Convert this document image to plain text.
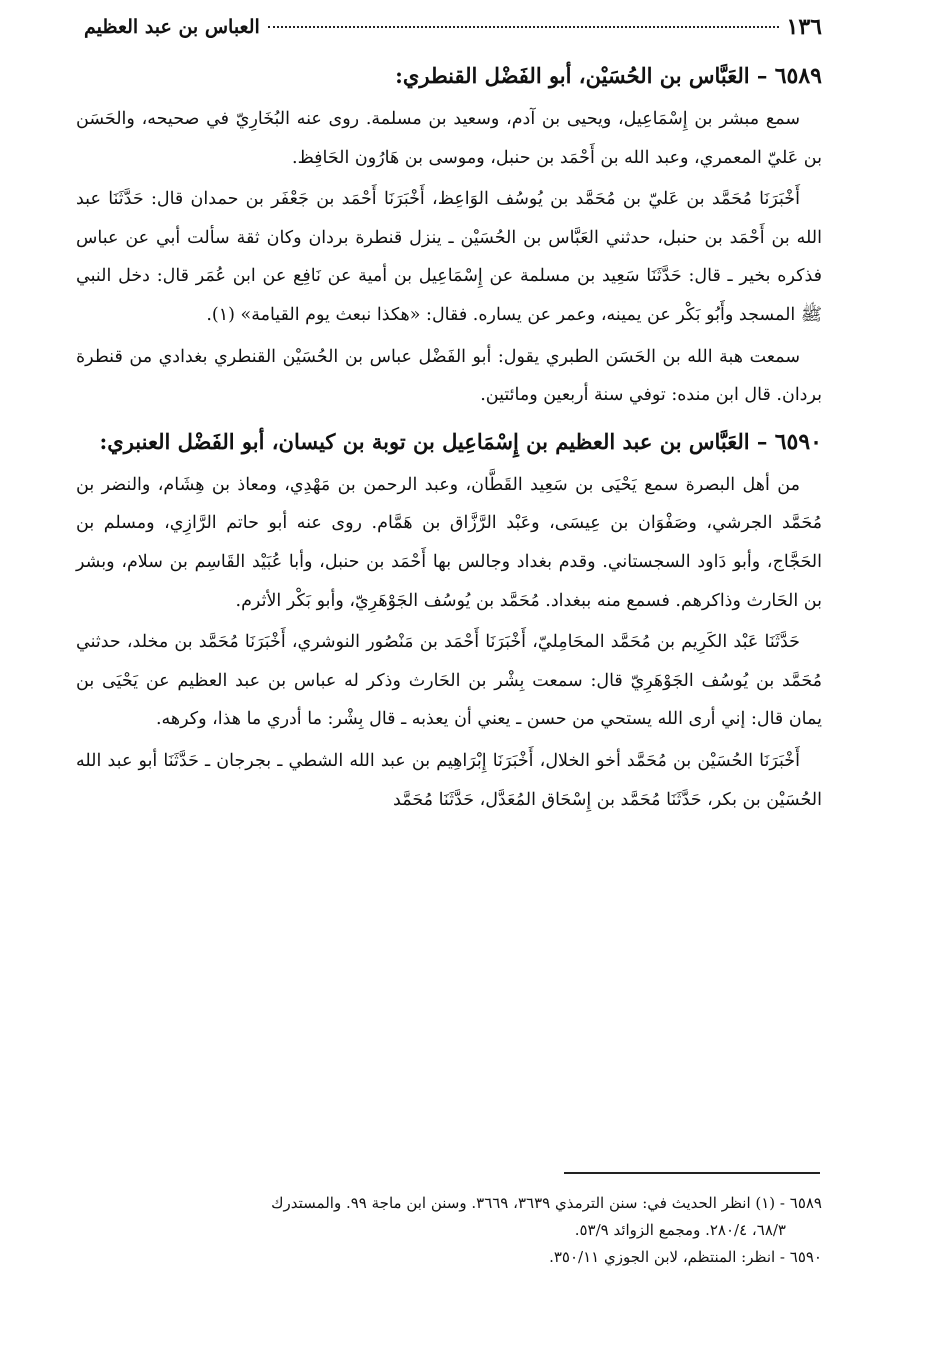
١٣٦
العباس بن عبد العظيم

٦٥٨٩ – العَبَّاس بن الحُسَيْن، أبو الفَضْل القنطري:

سمع مبشر بن إِسْمَاعِيل، ويحيى بن آدم، وسعيد بن مسلمة. روى عنه البُخَارِيّ في صحيحه، والحَسَن بن عَليّ المعمري، وعبد الله بن أَحْمَد بن حنبل، وموسى بن هَارُون الحَافِظ.

أَخْبَرَنَا مُحَمَّد بن عَليّ بن مُحَمَّد بن يُوسُف الوَاعِظ، أَخْبَرَنَا أَحْمَد بن جَعْفَر بن حمدان قال: حَدَّثَنَا عبد الله بن أَحْمَد بن حنبل، حدثني العَبَّاس بن الحُسَيْن ـ ينزل قنطرة بردان وكان ثقة سألت أبي عن عباس فذكره بخير ـ قال: حَدَّثَنَا سَعِيد بن مسلمة عن إِسْمَاعِيل بن أمية عن نَافِع عن ابن عُمَر قال: دخل النبي ﷺ المسجد وأَبُو بَكْر عن يمينه، وعمر عن يساره. فقال: «هكذا نبعث يوم القيامة» (١).

سمعت هبة الله بن الحَسَن الطبري يقول: أبو الفَضْل عباس بن الحُسَيْن القنطري بغدادي من قنطرة بردان. قال ابن منده: توفي سنة أربعين ومائتين.

٦٥٩٠ – العَبَّاس بن عبد العظيم بن إِسْمَاعِيل بن توبة بن كيسان، أبو الفَضْل العنبري:

من أهل البصرة سمع يَحْيَى بن سَعِيد القَطَّان، وعبد الرحمن بن مَهْدِي، ومعاذ بن هِشَام، والنضر بن مُحَمَّد الجرشي، وصَفْوَان بن عِيسَى، وعَبْد الرَّزَّاق بن هَمَّام. روى عنه أبو حاتم الرَّازِي، ومسلم بن الحَجَّاج، وأبو دَاود السجستاني. وقدم بغداد وجالس بها أَحْمَد بن حنبل، وأبا عُبَيْد القَاسِم بن سلام، وبشر بن الحَارث وذاكرهم. فسمع منه ببغداد. مُحَمَّد بن يُوسُف الجَوْهَرِيّ، وأبو بَكْر الأثرم.

حَدَّثَنَا عَبْد الكَرِيم بن مُحَمَّد المحَامِليّ، أَخْبَرَنَا أَحْمَد بن مَنْصُور النوشري، أَخْبَرَنَا مُحَمَّد بن مخلد، حدثني مُحَمَّد بن يُوسُف الجَوْهَرِيّ قال: سمعت بِشْر بن الحَارث وذكر له عباس بن عبد العظيم عن يَحْيَى بن يمان قال: إني أرى الله يستحي من حسن ـ يعني أن يعذبه ـ قال بِشْر: ما أدري ما هذا، وكرهه.

أَخْبَرَنَا الحُسَيْن بن مُحَمَّد أخو الخلال، أَخْبَرَنَا إِبْرَاهِيم بن عبد الله الشطي ـ بجرجان ـ حَدَّثَنَا أبو عبد الله الحُسَيْن بن بكر، حَدَّثَنَا مُحَمَّد بن إِسْحَاق المُعَدَّل، حَدَّثَنَا مُحَمَّد

٦٥٨٩ - (١) انظر الحديث في: سنن الترمذي ٣٦٣٩، ٣٦٦٩. وسنن ابن ماجة ٩٩. والمستدرك

٦٨/٣، ٢٨٠/٤. ومجمع الزوائد ٥٣/٩.

٦٥٩٠ - انظر: المنتظم، لابن الجوزي ٣٥٠/١١.
